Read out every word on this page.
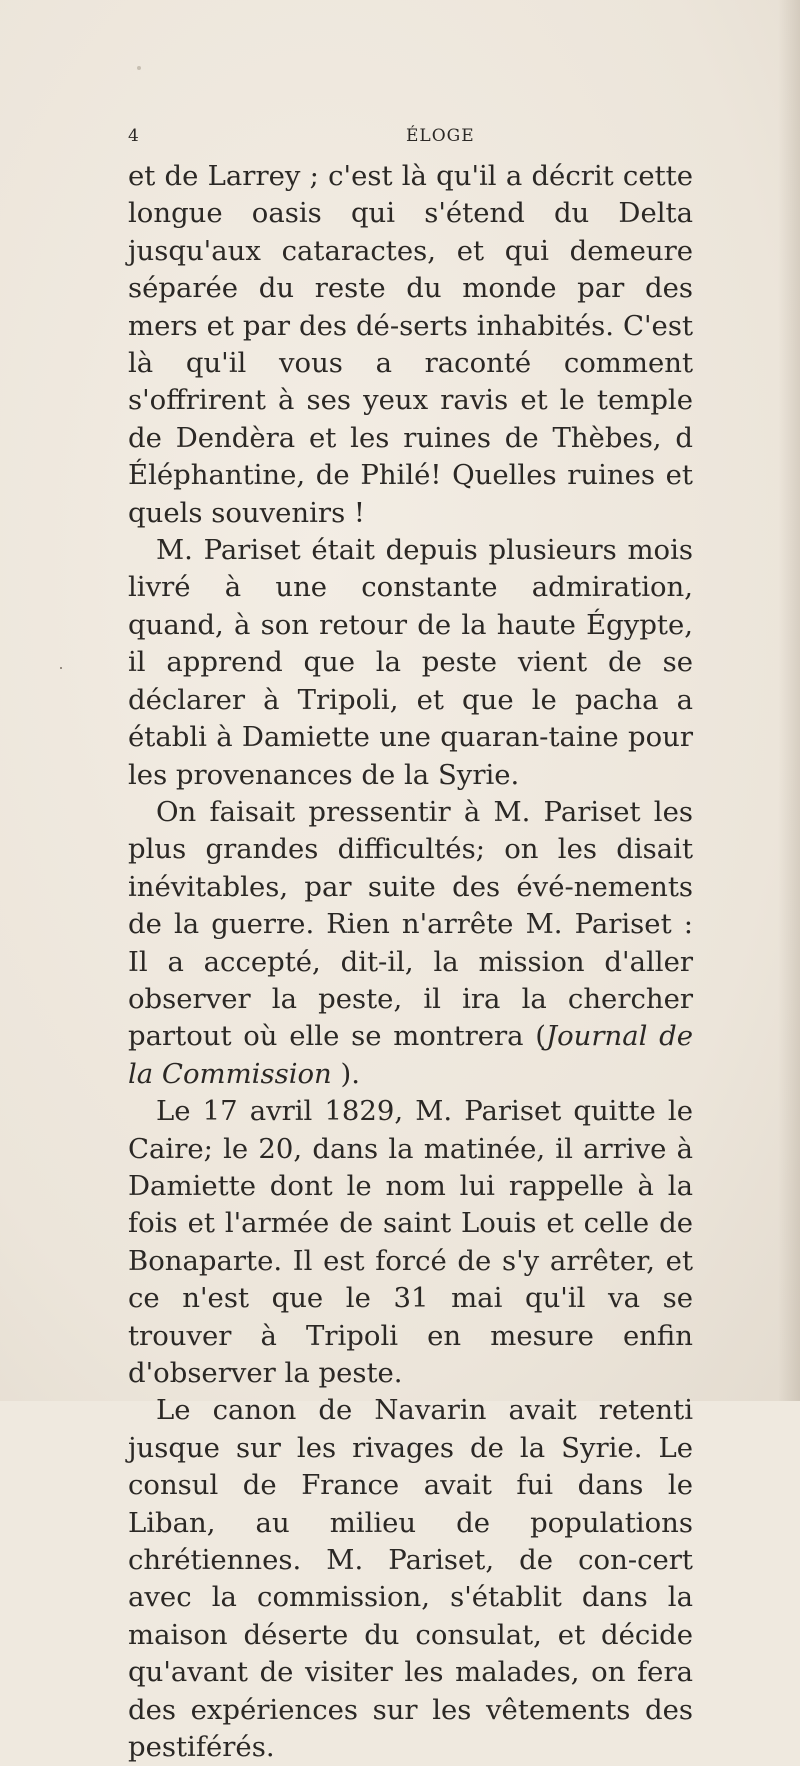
4	ÉLOGE

et de Larrey ; c'est là qu'il a décrit cette longue oasis qui s'étend du Delta jusqu'aux cataractes, et qui demeure séparée du reste du monde par des mers et par des dé-serts inhabités. C'est là qu'il vous a raconté comment s'offrirent à ses yeux ravis et le temple de Dendèra et les ruines de Thèbes, d Éléphantine, de Philé! Quelles ruines et quels souvenirs !

M. Pariset était depuis plusieurs mois livré à une constante admiration, quand, à son retour de la haute Égypte, il apprend que la peste vient de se déclarer à Tripoli, et que le pacha a établi à Damiette une quaran-taine pour les provenances de la Syrie.

On faisait pressentir à M. Pariset les plus grandes difficultés; on les disait inévitables, par suite des évé-nements de la guerre. Rien n'arrête M. Pariset : Il a accepté, dit-il, la mission d'aller observer la peste, il ira la chercher partout où elle se montrera (Journal de la Commission ).

Le 17 avril 1829, M. Pariset quitte le Caire; le 20, dans la matinée, il arrive à Damiette dont le nom lui rappelle à la fois et l'armée de saint Louis et celle de Bonaparte. Il est forcé de s'y arrêter, et ce n'est que le 31 mai qu'il va se trouver à Tripoli en mesure enfin d'observer la peste.

Le canon de Navarin avait retenti jusque sur les rivages de la Syrie. Le consul de France avait fui dans le Liban, au milieu de populations chrétiennes. M. Pariset, de con-cert avec la commission, s'établit dans la maison déserte du consulat, et décide qu'avant de visiter les malades, on fera des expériences sur les vêtements des pestiférés.
